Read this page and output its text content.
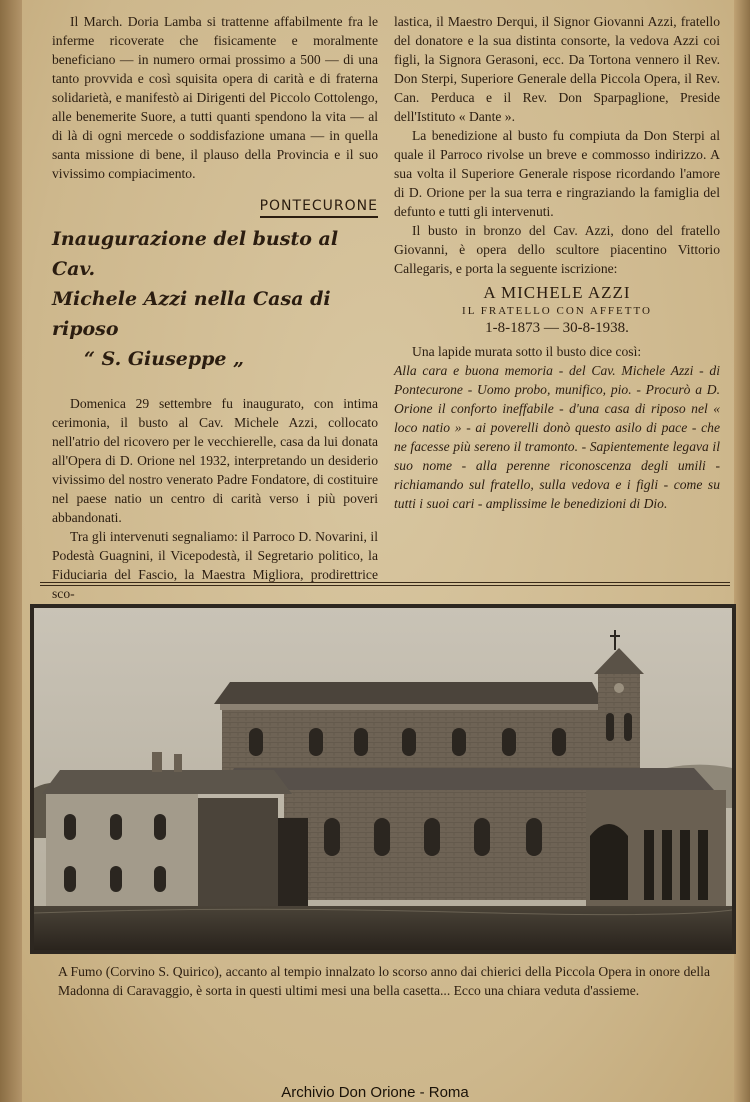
Il March. Doria Lamba si trattenne affabilmente fra le inferme ricoverate che fisicamente e moralmente beneficiano — in numero ormai prossimo a 500 — di una tanto provvida e così squisita opera di carità e di fraterna solidarietà, e manifestò ai Dirigenti del Piccolo Cottolengo, alle benemerite Suore, a tutti quanti spendono la vita — al di là di ogni mercede o soddisfazione umana — in quella santa missione di bene, il plauso della Provincia e il suo vivissimo compiacimento.

PONTECURONE
Inaugurazione del busto al Cav.
Michele Azzi nella Casa di riposo
“ S. Giuseppe „

Domenica 29 settembre fu inaugurato, con intima cerimonia, il busto al Cav. Michele Azzi, collocato nell'atrio del ricovero per le vecchierelle, casa da lui donata all'Opera di D. Orione nel 1932, interpretando un desiderio vivissimo del nostro venerato Padre Fondatore, di costituire nel paese natio un centro di carità verso i più poveri abbandonati.

Tra gli intervenuti segnaliamo: il Parroco D. Novarini, il Podestà Guagnini, il Vicepodestà, il Segretario politico, la Fiduciaria del Fascio, la Maestra Migliora, prodirettrice sco-

lastica, il Maestro Derqui, il Signor Giovanni Azzi, fratello del donatore e la sua distinta consorte, la vedova Azzi coi figli, la Signora Gerasoni, ecc. Da Tortona vennero il Rev. Don Sterpi, Superiore Generale della Piccola Opera, il Rev. Can. Perduca e il Rev. Don Sparpaglione, Preside dell'Istituto « Dante ».

La benedizione al busto fu compiuta da Don Sterpi al quale il Parroco rivolse un breve e commosso indirizzo. A sua volta il Superiore Generale rispose ricordando l'amore di D. Orione per la sua terra e ringraziando la famiglia del defunto e tutti gli intervenuti.

Il busto in bronzo del Cav. Azzi, dono del fratello Giovanni, è opera dello scultore piacentino Vittorio Callegaris, e porta la seguente iscrizione:

A MICHELE AZZI
IL FRATELLO CON AFFETTO
1-8-1873 — 30-8-1938.

Una lapide murata sotto il busto dice così:

Alla cara e buona memoria - del Cav. Michele Azzi - di Pontecurone - Uomo probo, munifico, pio. - Procurò a D. Orione il conforto ineffabile - d'una casa di riposo nel « loco natio » - ai poverelli donò questo asilo di pace - che ne facesse più sereno il tramonto. - Sapientemente legava il suo nome - alla perenne riconoscenza degli umili - richiamando sul fratello, sulla vedova e i figli - come su tutti i suoi cari - amplissime le benedizioni di Dio.

A Fumo (Corvino S. Quirico), accanto al tempio innalzato lo scorso anno dai chierici della Piccola Opera in onore della Madonna di Caravaggio, è sorta in questi ultimi mesi una bella casetta... Ecco una chiara veduta d'assieme.

Archivio Don Orione - Roma
